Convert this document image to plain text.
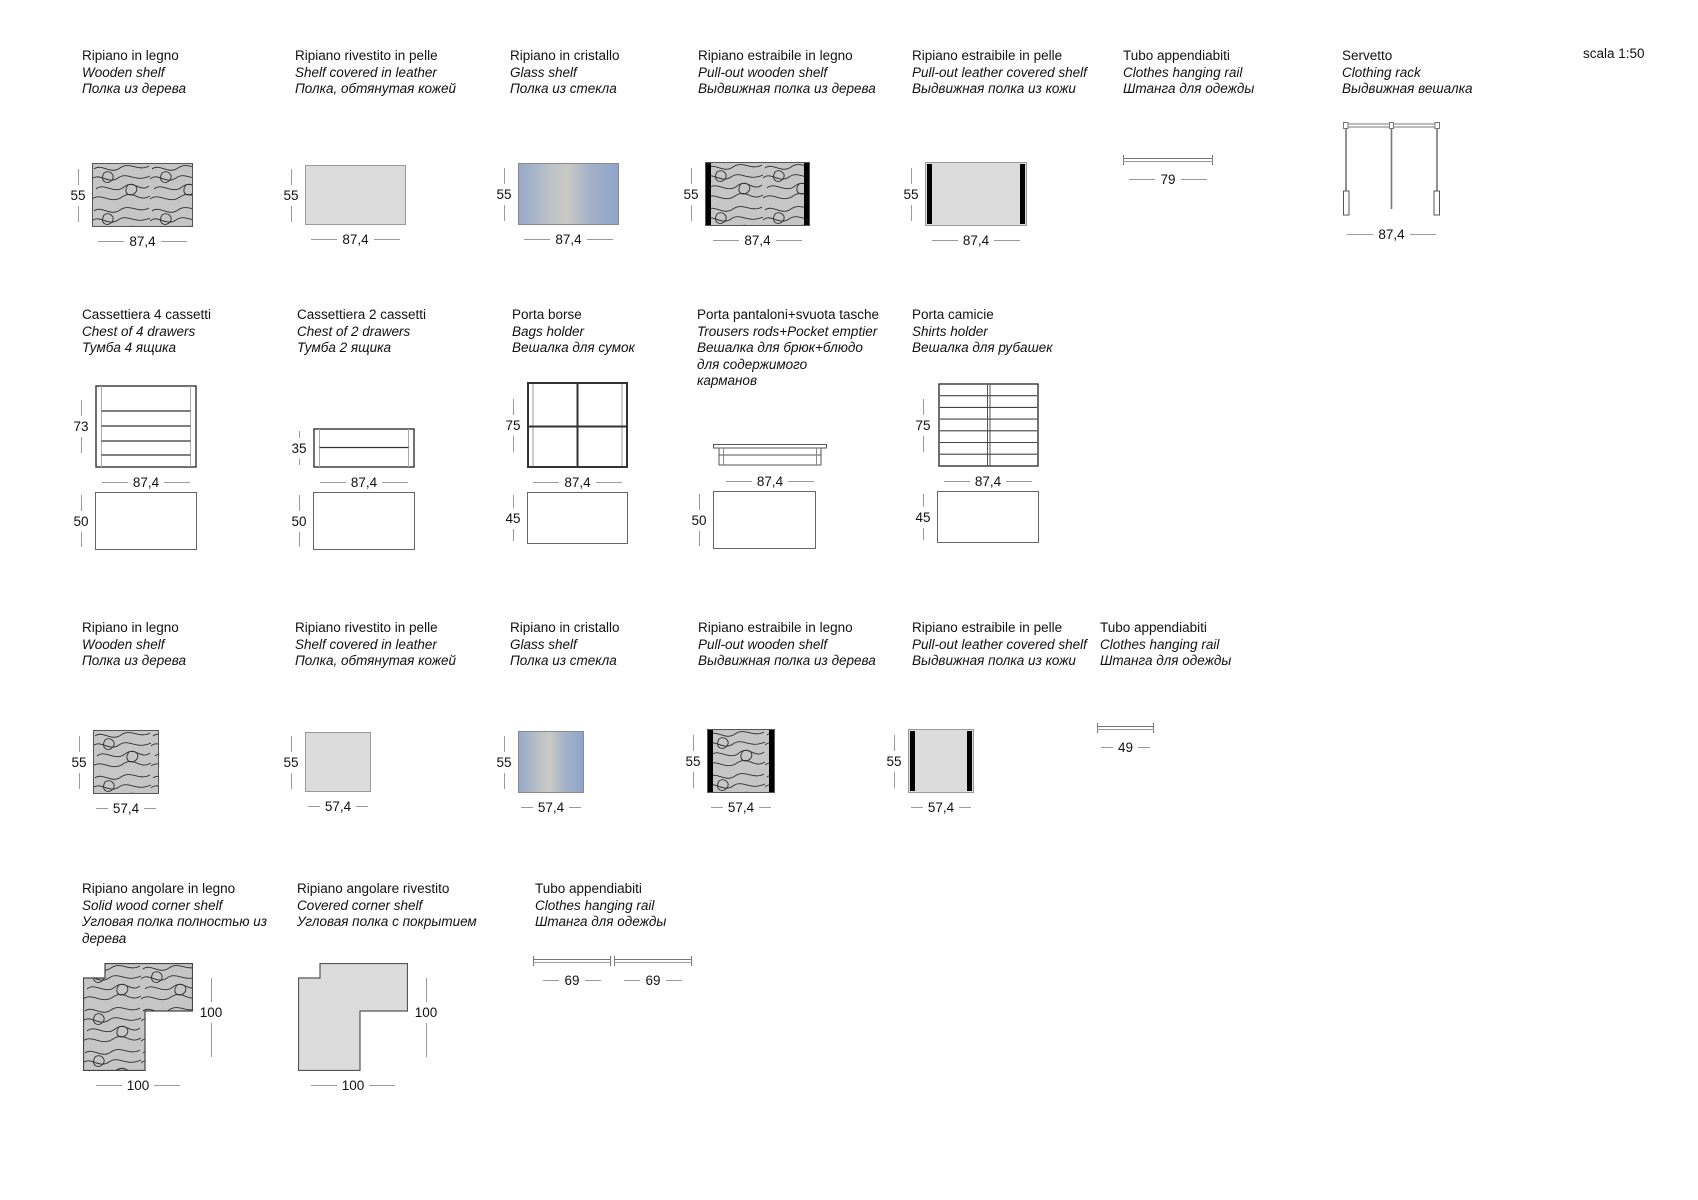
scala 1:50
Ripiano in legno
Wooden shelf
Полка из дерева
Ripiano rivestito in pelle
Shelf covered in leather
Полка, обтянутая кожей
Ripiano in cristallo
Glass shelf
Полка из стекла
Ripiano estraibile in legno
Pull-out wooden shelf
Выдвижная полка из дерева
Ripiano estraibile in pelle
Pull-out leather covered shelf
Выдвижная полка из кожи
Tubo appendiabiti
Clothes hanging rail
Штанга для одежды
Servetto
Clothing rack
Выдвижная вешалка
55
87,4
55
87,4
55
87,4
55
87,4
55
87,4
79
87,4
Cassettiera 4 cassetti
Chest of 4 drawers
Тумба 4 ящика
Cassettiera 2 cassetti
Chest of 2 drawers
Тумба 2 ящика
Porta borse
Bags holder
Вешалка для сумок
Porta pantaloni+svuota tasche
Trousers rods+Pocket emptier
Вешалка для брюк+блюдо
для содержимого
карманов
Porta camicie
Shirts holder
Вешалка для рубашек
73
87,4
50
35
87,4
50
75
87,4
45
87,4
50
75
87,4
45
Ripiano in legno
Wooden shelf
Полка из дерева
Ripiano rivestito in pelle
Shelf covered in leather
Полка, обтянутая кожей
Ripiano in cristallo
Glass shelf
Полка из стекла
Ripiano estraibile in legno
Pull-out wooden shelf
Выдвижная полка из дерева
Ripiano estraibile in pelle
Pull-out leather covered shelf
Выдвижная полка из кожи
Tubo appendiabiti
Clothes hanging rail
Штанга для одежды
55
57,4
55
57,4
55
57,4
55
57,4
55
57,4
49
Ripiano angolare in legno
Solid wood corner shelf
Угловая полка полностью из
дерева
Ripiano angolare rivestito
Covered corner shelf
Угловая полка с покрытием
Tubo appendiabiti
Clothes hanging rail
Штанга для одежды
100
100
100
100
69	69
